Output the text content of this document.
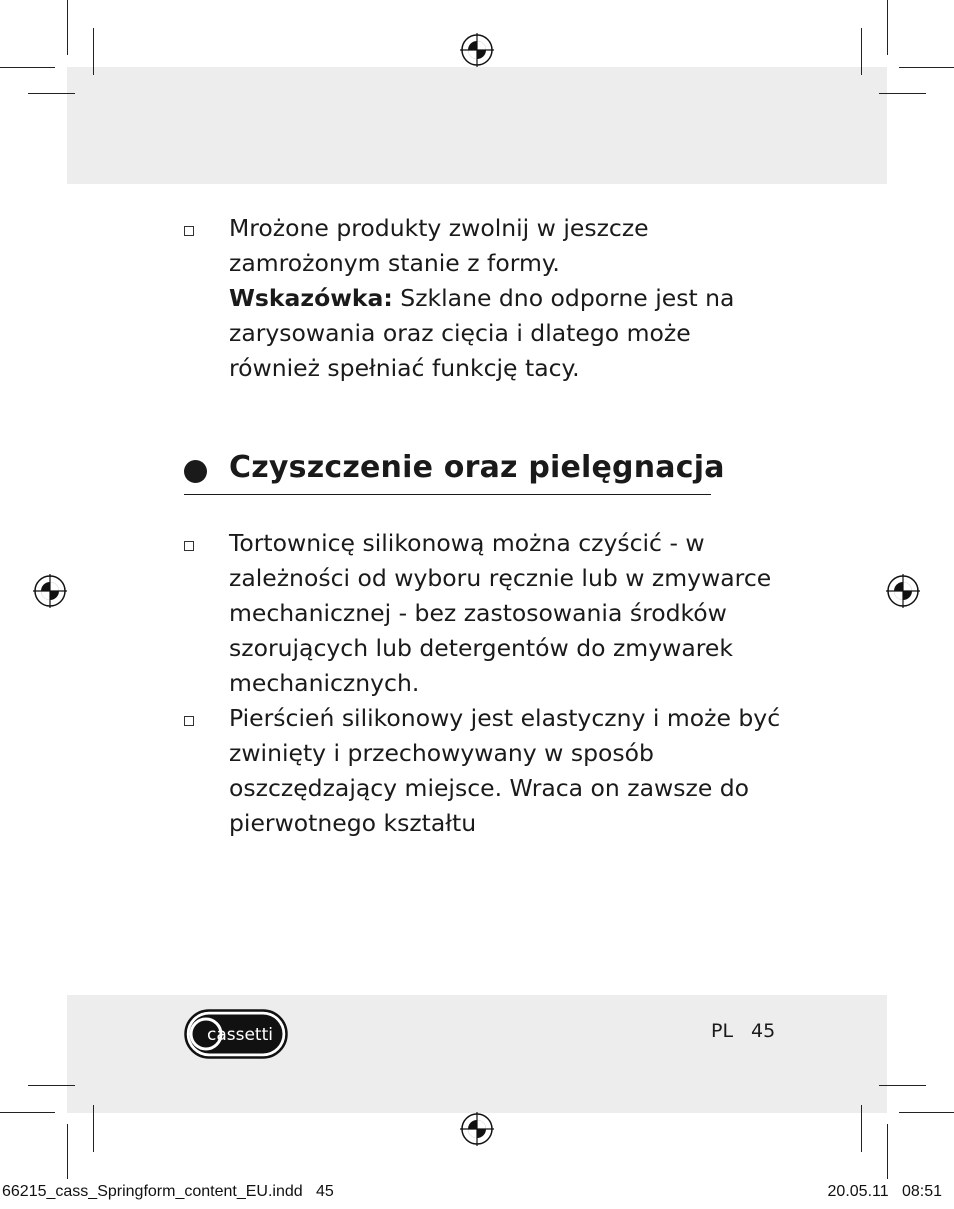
Mrożone produkty zwolnij w jeszcze zamrożonym stanie z formy.

Wskazówka: Szklane dno odporne jest na zarysowania oraz cięcia i dlatego może również spełniać funkcję tacy.

Czyszczenie oraz pielęgnacja

Tortownicę silikonową można czyścić - w zależności od wyboru ręcznie lub w zmywarce mechanicznej - bez zastosowania środków szorujących lub detergentów do zmywarek mechanicznych.

Pierścień silikonowy jest elastyczny i może być zwinięty i przechowywany w sposób oszczędzający miejsce. Wraca on zawsze do pierwotnego kształtu

cassetti	PL 45
66215_cass_Springform_content_EU.indd   45	20.05.11   08:51
